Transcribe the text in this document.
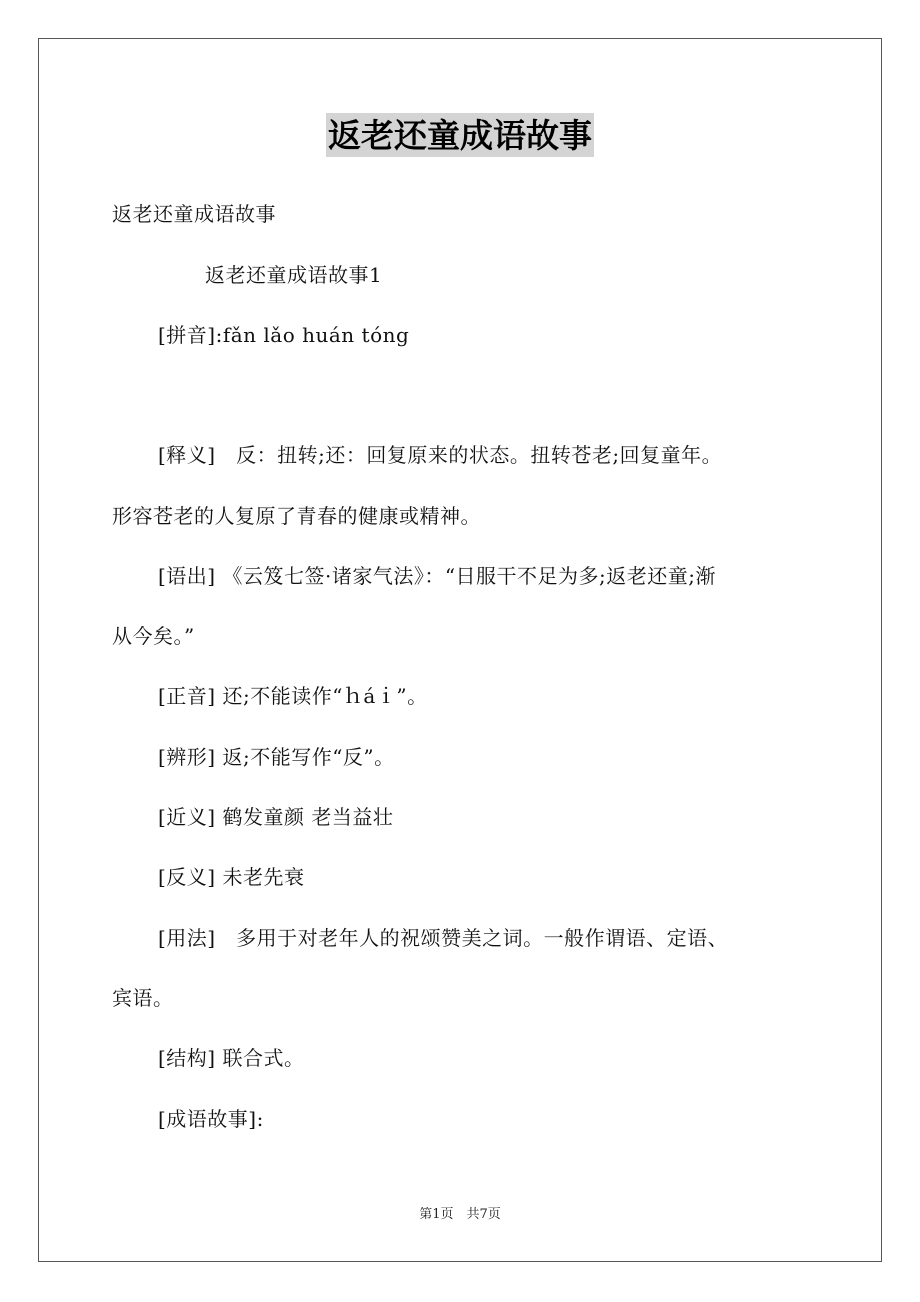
返老还童成语故事
返老还童成语故事
返老还童成语故事1
[拼音]:fǎn lǎo huán tóng
[释义]　反：扭转;还：回复原来的状态。扭转苍老;回复童年。
形容苍老的人复原了青春的健康或精神。
[语出] 《云笈七签·诸家气法》：“日服干不足为多;返老还童;渐
从今矣。”
[正音] 还;不能读作“ｈáｉ”。
[辨形] 返;不能写作“反”。
[近义] 鹤发童颜 老当益壮
[反义] 未老先衰
[用法]　多用于对老年人的祝颂赞美之词。一般作谓语、定语、
宾语。
[结构] 联合式。
[成语故事]:
第1页　共7页
